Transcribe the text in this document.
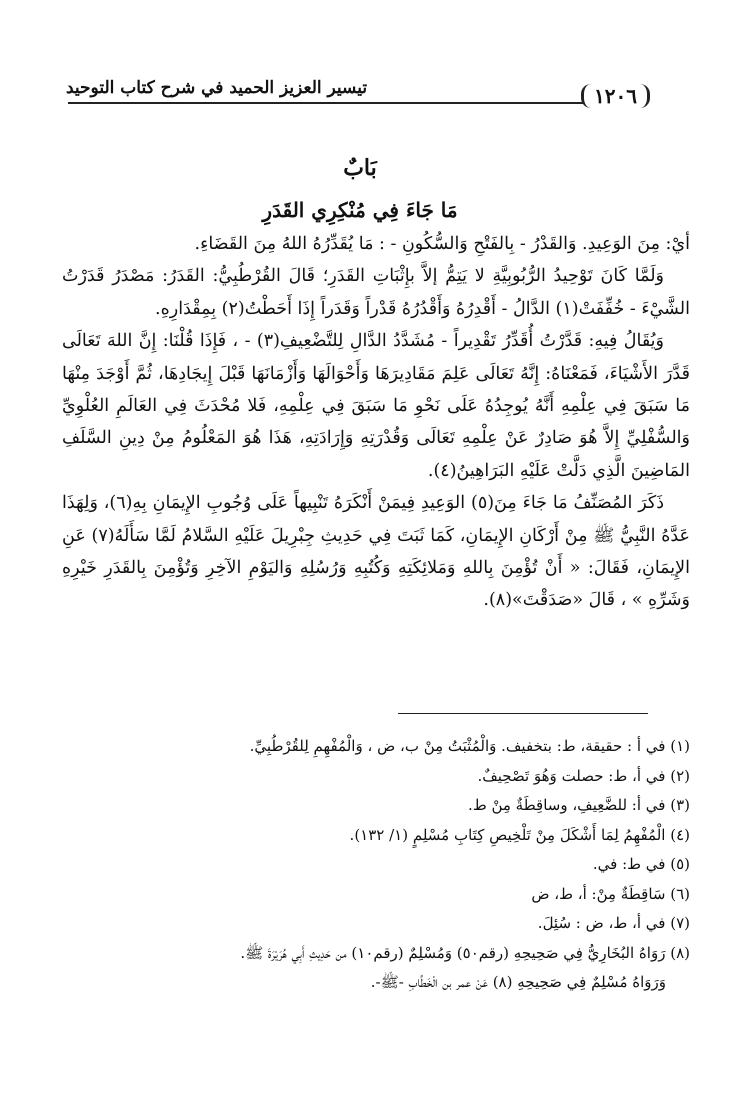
١٢٠٦
تيسير العزيز الحميد في شرح كتاب التوحيد
بَابٌ
مَا جَاءَ فِي مُنْكِرِي القَدَرِ

أيْ: مِنَ الوَعِيدِ. وَالقَدْرُ - بِالفَتْحِ وَالسُّكُونِ - : مَا يُقَدِّرُهُ اللهُ مِنَ القَضَاءِ.

وَلَمَّا كَانَ تَوْحِيدُ الرُّبُوبِيَّةِ لا يَتِمُّ إلاَّ بإِثْبَاتِ القَدَرِ؛ قَالَ القُرْطُبِيُّ: القَدَرُ: مَصْدَرُ قَدَرْتُ الشَّيْءَ - خُفِّفَتْ(١) الدَّالُ - أَقْدِرُهُ وَأَقْدُرُهُ قَدْراً وَقَدَراً إِذَا أَحَطْتُ(٢) بِمِقْدَارِهِ.

وَيُقَالُ فِيهِ: قَدَّرْتُ أُقَدِّرُ تَقْدِيراً - مُشَدَّدُ الدَّالِ لِلتَّضْعِيفِ(٣) - ، فَإِذَا قُلْنَا: إِنَّ اللهَ تَعَالَى قَدَّرَ الأَشْيَاءَ، فَمَعْنَاهُ: إِنَّهُ تَعَالَى عَلِمَ مَقَادِيرَهَا وَأَحْوَالَهَا وَأَزْمَانَهَا قَبْلَ إِيجَادِهَا، ثُمَّ أَوْجَدَ مِنْهَا مَا سَبَقَ فِي عِلْمِهِ أَنَّهُ يُوجِدُهُ عَلَى نَحْوِ مَا سَبَقَ فِي عِلْمِهِ، فَلا مُحْدَثَ فِي العَالَمِ العُلْوِيِّ وَالسُّفْلِيِّ إِلاَّ هُوَ صَادِرٌ عَنْ عِلْمِهِ تَعَالَى وَقُدْرَتِهِ وَإِرَادَتِهِ، هَذَا هُوَ المَعْلُومُ مِنْ دِينِ السَّلَفِ المَاضِينَ الَّذِي دَلَّتْ عَلَيْهِ البَرَاهِينُ(٤).

ذَكَرَ المُصَنِّفُ مَا جَاءَ مِنَ(٥) الوَعِيدِ فِيمَنْ أَنْكَرَهُ تَنْبِيهاً عَلَى وُجُوبِ الإِيمَانِ بِهِ(٦)، وَلِهَذَا عَدَّهُ النَّبِيُّ ﷺ مِنْ أَرْكَانِ الإِيمَانِ، كَمَا ثَبَتَ فِي حَدِيثِ جِبْرِيلَ عَلَيْهِ السَّلامُ لَمَّا سَأَلَهُ(٧) عَنِ الإِيمَانِ، فَقَالَ: « أَنْ تُؤْمِنَ بِاللهِ وَمَلائِكَتِهِ وَكُتُبِهِ وَرُسُلِهِ وَاليَوْمِ الآخِرِ وَتُؤْمِنَ بِالقَدَرِ خَيْرِهِ وَشَرِّهِ » ، قَالَ «صَدَقْتَ»(٨).

(١) في أ : حقيقة، ط: بتخفيف. وَالْمُثْبَتُ مِنْ ب، ض ، وَالْمُفْهِمِ لِلقُرْطُبِيِّ.
(٢) في أ، ط: حصلت وَهُوَ تَصْحِيفٌ.
(٣) في أ: للضَّعِيفِ، وساقِطَةٌ مِنْ ط.
(٤) الْمُفْهِمُ لِمَا أَشْكَلَ مِنْ تَلْخِيصِ كِتَابِ مُسْلِمٍ (١/ ١٣٢).
(٥) في ط: في.
(٦) سَاقِطَةٌ مِنْ: أ، ط، ض
(٧) في أ، ط، ض : سُئِلَ.
(٨) رَوَاهُ البُخَارِيُّ فِي صَحِيحِهِ (رقم٥٠) وَمُسْلِمٌ (رقم١٠) من حَدِيثِ أَبِي هُرَيْرَةَ ﷺ.
وَرَوَاهُ مُسْلِمٌ فِي صَحِيحِهِ (٨) عَنْ عمر بن الْخَطَّابِ -ﷺ-.
